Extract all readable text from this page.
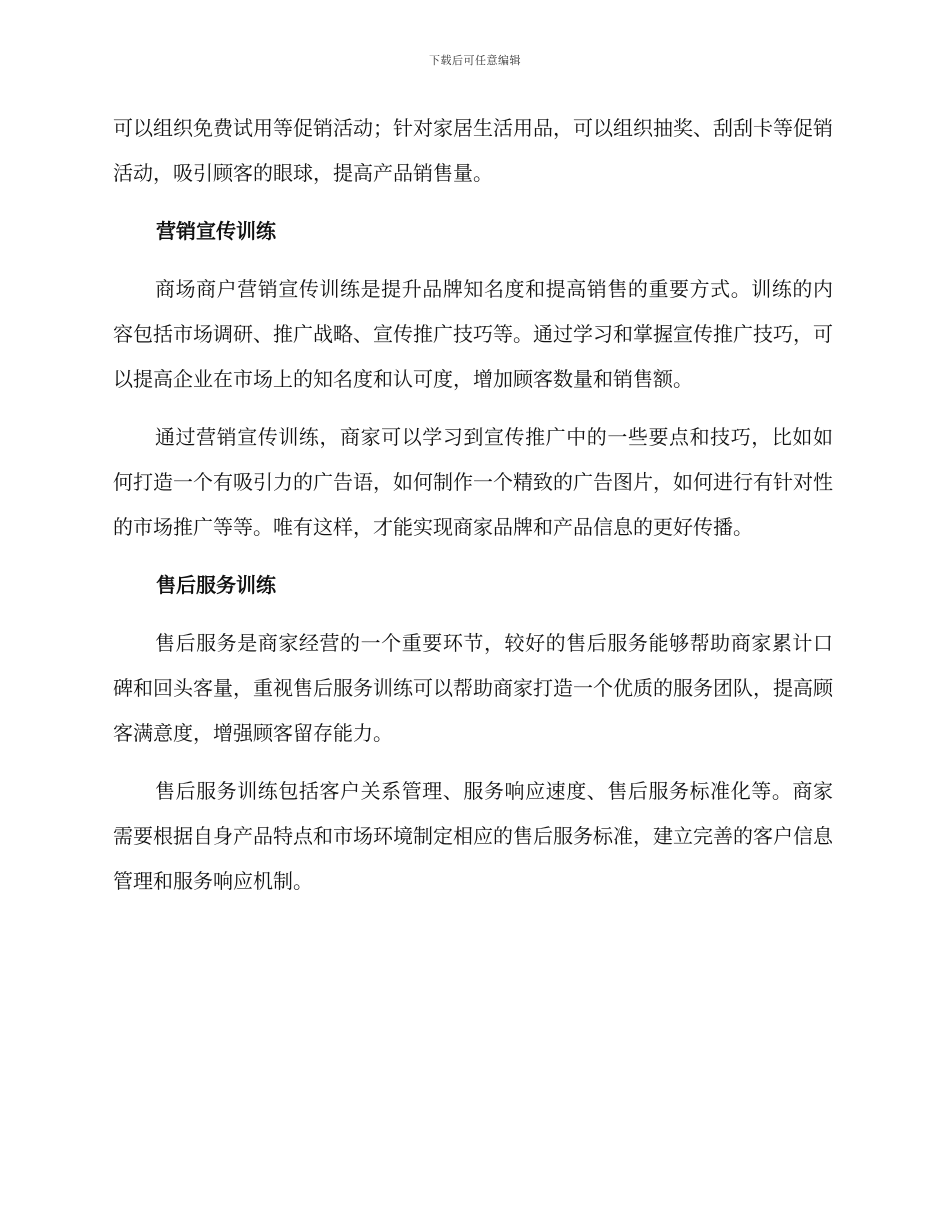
下载后可任意编辑

可以组织免费试用等促销活动；针对家居生活用品，可以组织抽奖、刮刮卡等促销活动，吸引顾客的眼球，提高产品销售量。

营销宣传训练

商场商户营销宣传训练是提升品牌知名度和提高销售的重要方式。训练的内容包括市场调研、推广战略、宣传推广技巧等。通过学习和掌握宣传推广技巧，可以提高企业在市场上的知名度和认可度，增加顾客数量和销售额。

通过营销宣传训练，商家可以学习到宣传推广中的一些要点和技巧，比如如何打造一个有吸引力的广告语，如何制作一个精致的广告图片，如何进行有针对性的市场推广等等。唯有这样，才能实现商家品牌和产品信息的更好传播。

售后服务训练

售后服务是商家经营的一个重要环节，较好的售后服务能够帮助商家累计口碑和回头客量，重视售后服务训练可以帮助商家打造一个优质的服务团队，提高顾客满意度，增强顾客留存能力。

售后服务训练包括客户关系管理、服务响应速度、售后服务标准化等。商家需要根据自身产品特点和市场环境制定相应的售后服务标准，建立完善的客户信息管理和服务响应机制。
